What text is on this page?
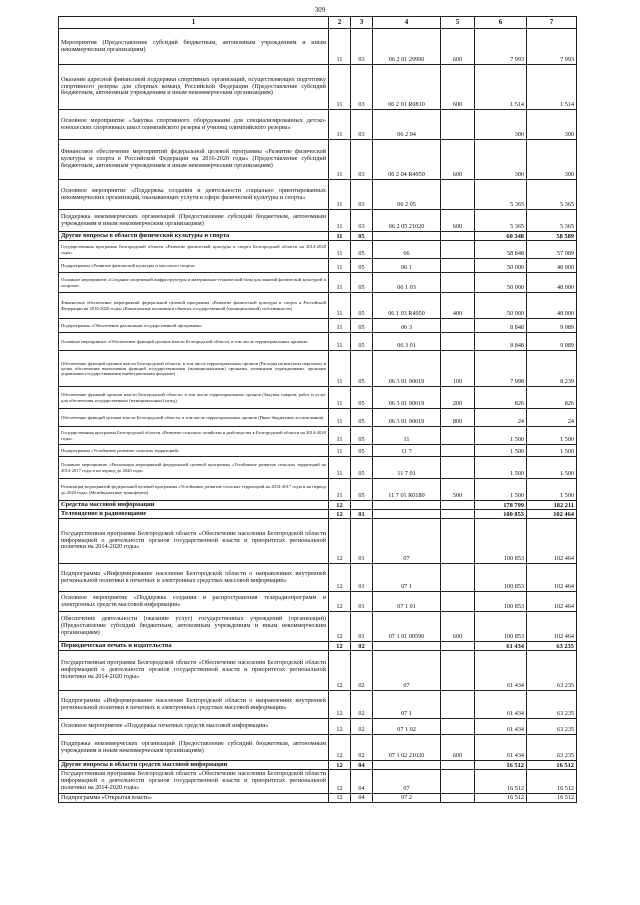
309
1	2	3	4	5	6	7
Мероприятия (Предоставление субсидий бюджетным, автономным учреждениям и иным некоммерческим организациям)	11	03	06 2 01 29990	600	7 993	7 993
Оказание адресной финансовой поддержки спортивных организаций, осуществляющих подготовку спортивного резерва для сборных команд Российской Федерации (Предоставление субсидий бюджетным, автономным учреждениям и иным некоммерческим организациям)	11	03	06 2 01 R0810	600	1 514	1 514
Основное мероприятие «Закупка спортивного оборудования для специализированных детско-юношеских спортивных школ олимпийского резерва и училищ олимпийского резерва»	11	03	06 2 04		300	300
Финансовое обеспечение мероприятий федеральной целевой программы «Развитие физической культуры и спорта в Российской Федерации на 2016-2020 годы» (Предоставление субсидий бюджетным, автономным учреждениям и иным некоммерческим организациям)	11	03	06 2 04 R4950	600	300	300
Основное мероприятие «Поддержка создания и деятельности социально ориентированных некоммерческих организаций, оказывающих услуги в сфере физической культуры и спорта»	11	03	06 2 05		5 365	5 365
Поддержка некоммерческих организаций (Предоставление субсидий бюджетным, автономным учреждениям и иным некоммерческим организациям)	11	03	06 2 05 21020	600	5 365	5 365
Другие вопросы в области физической культуры и спорта	11	05			60 348	58 589
Государственная программа Белгородской области «Развитие физической культуры и спорта Белгородской области на 2014-2020 годы»	11	05	06		58 848	57 089
Подпрограмма «Развитие физической культуры и массового спорта»	11	05	06 1		50 000	48 000
Основное мероприятие «Создание спортивной инфраструктуры и материально-технической базы для занятий физической культурой и спортом»	11	05	06 1 03		50 000	48 000
Финансовое обеспечение мероприятий федеральной целевой программы «Развитие физической культуры и спорта в Российской Федерации на 2016-2020 годы» (Капитальные вложения в объекты государственной (муниципальной) собственности)	11	05	06 1 03 R4950	400	50 000	48 000
Подпрограмма «Обеспечение реализации государственной программы»	11	05	06 3		8 848	9 089
Основное мероприятие «Обеспечение функций органов власти Белгородской области, в том числе территориальных органов»	11	05	06 3 01		8 848	9 089
Обеспечение функций органов власти Белгородской области, в том числе территориальных органов (Расходы на выплаты персоналу в целях обеспечения выполнения функций государственными (муниципальными) органами, казенными учреждениями, органами управления государственными внебюджетными фондами)	11	05	06 3 01 90019	100	7 998	8 239
Обеспечение функций органов власти Белгородской области, в том числе территориальных органов (Закупка товаров, работ и услуг для обеспечения государственных (муниципальных) нужд)	11	05	06 3 01 90019	200	826	826
Обеспечение функций органов власти Белгородской области, в том числе территориальных органов (Иные бюджетные ассигнования)	11	05	06 3 01 90019	800	24	24
Государственная программа Белгородской области «Развитие сельского хозяйства и рыбоводства в Белгородской области на 2014-2020 годы»	11	05	11		1 500	1 500
Подпрограмма «Устойчивое развитие сельских территорий»	11	05	11 7		1 500	1 500
Основное мероприятие «Реализация мероприятий федеральной целевой программы «Устойчивое развитие сельских территорий на 2014-2017 годы и на период до 2020 года»	11	05	11 7 01		1 500	1 500
Реализация мероприятий федеральной целевой программы «Устойчивое развитие сельских территорий на 2014-2017 годы и на период до 2020 года» (Межбюджетные трансферты)	11	05	11 7 01 R0180	500	1 500	1 500
Средства массовой информации	12				178 799	182 211
Телевидение и радиовещание	12	01			100 853	102 464
Государственная программа Белгородской области «Обеспечение населения Белгородской области информацией о деятельности органов государственной власти и приоритетах региональной политики на 2014-2020 годы»	12	01	07		100 853	102 464
Подпрограмма «Информирование населения Белгородской области о направлениях внутренней региональной политики в печатных и электронных средствах массовой информации»	12	01	07 1		100 853	102 464
Основное мероприятие «Поддержка создания и распространения телерадиопрограмм и электронных средств массовой информации»	12	01	07 1 01		100 853	102 464
Обеспечение деятельности (оказание услуг) государственных учреждений (организаций) (Предоставление субсидий бюджетным, автономным учреждениям и иным некоммерческим организациям)	12	01	07 1 01 00590	600	100 853	102 464
Периодическая печать и издательства	12	02			61 434	63 235
Государственная программа Белгородской области «Обеспечение населения Белгородской области информацией о деятельности органов государственной власти и приоритетах региональной политики на 2014-2020 годы»	12	02	07		61 434	63 235
Подпрограмма «Информирование населения Белгородской области о направлениях внутренней региональной политики в печатных и электронных средствах массовой информации»	12	02	07 1		61 434	63 235
Основное мероприятие «Поддержка печатных средств массовой информации»	12	02	07 1 02		61 434	63 235
Поддержка некоммерческих организаций (Предоставление субсидий бюджетным, автономным учреждениям и иным некоммерческим организациям)	12	02	07 1 02 21020	600	61 434	63 235
Другие вопросы в области средств массовой информации	12	04			16 512	16 512
Государственная программа Белгородской области «Обеспечение населения Белгородской области информацией о деятельности органов государственной власти и приоритетах региональной политики на 2014-2020 годы»	12	04	07		16 512	16 512
Подпрограмма «Открытая власть»	12	04	07 2		16 512	16 512
